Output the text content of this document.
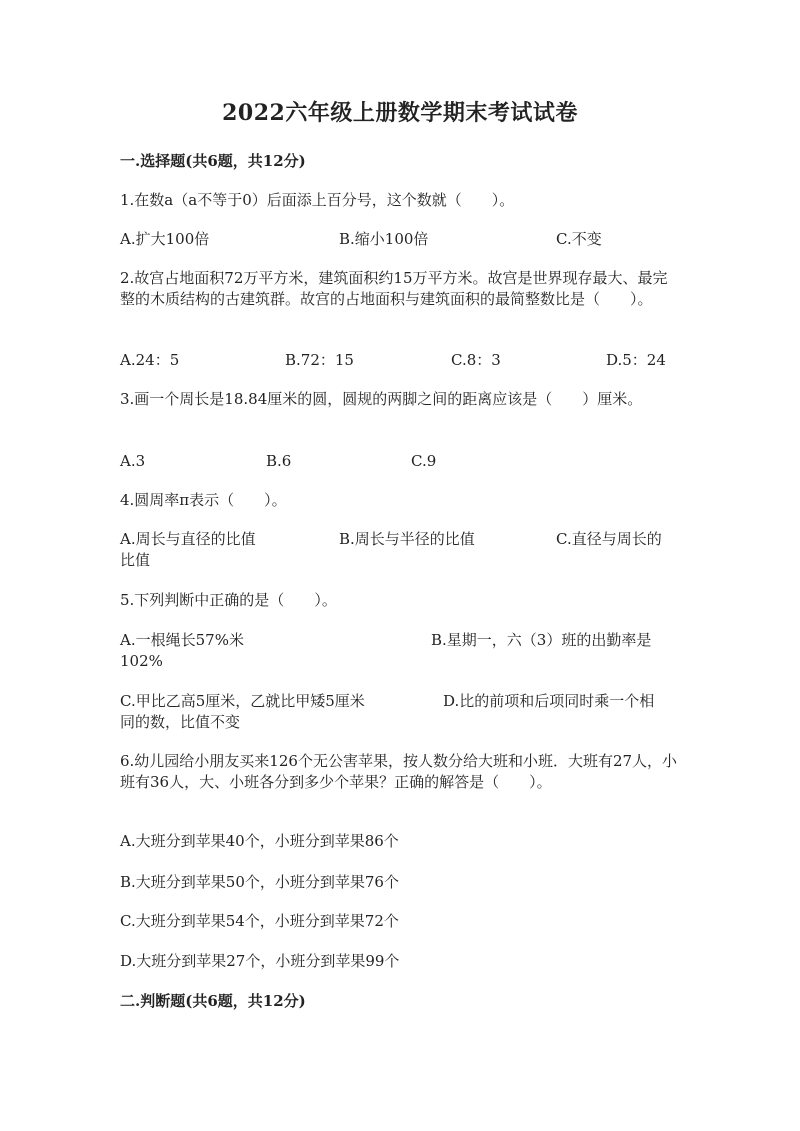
2022六年级上册数学期末考试试卷
一.选择题(共6题，共12分)
1.在数a（a不等于0）后面添上百分号，这个数就（　　）。
A.扩大100倍	B.缩小100倍	C.不变
2.故宫占地面积72万平方米，建筑面积约15万平方米。故宫是世界现存最大、最完整的木质结构的古建筑群。故宫的占地面积与建筑面积的最简整数比是（　　）。
A.24：5	B.72：15	C.8：3	D.5：24
3.画一个周长是18.84厘米的圆，圆规的两脚之间的距离应该是（　　）厘米。
A.3	B.6	C.9
4.圆周率π表示（　　）。
A.周长与直径的比值	B.周长与半径的比值	C.直径与周长的
比值
5.下列判断中正确的是（　　）。
A.一根绳长57%米	B.星期一，六（3）班的出勤率是
102%
C.甲比乙高5厘米，乙就比甲矮5厘米	D.比的前项和后项同时乘一个相
同的数，比值不变
6.幼儿园给小朋友买来126个无公害苹果，按人数分给大班和小班．大班有27人，小班有36人，大、小班各分到多少个苹果？正确的解答是（　　）。
A.大班分到苹果40个，小班分到苹果86个
B.大班分到苹果50个，小班分到苹果76个
C.大班分到苹果54个，小班分到苹果72个
D.大班分到苹果27个，小班分到苹果99个
二.判断题(共6题，共12分)
